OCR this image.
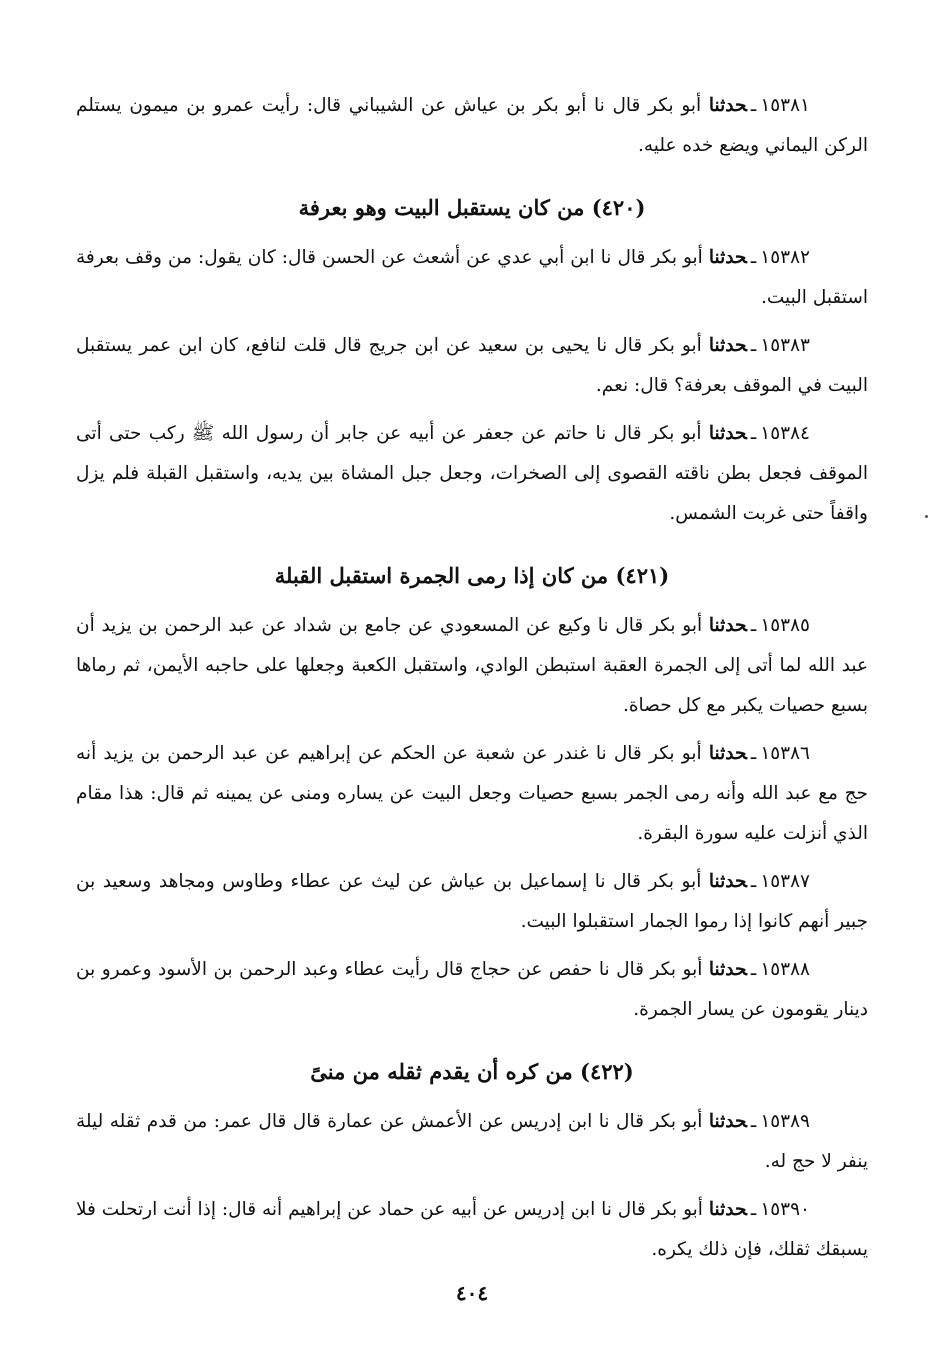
١٥٣٨١ـحدثنا أبو بكر قال نا أبو بكر بن عياش عن الشيباني قال: رأيت عمرو بن ميمون يستلم الركن اليماني ويضع خده عليه.

(٤٢٠) من كان يستقبل البيت وهو بعرفة

١٥٣٨٢ـحدثنا أبو بكر قال نا ابن أبي عدي عن أشعث عن الحسن قال: كان يقول: من وقف بعرفة استقبل البيت.

١٥٣٨٣ـحدثنا أبو بكر قال نا يحيى بن سعيد عن ابن جريج قال قلت لنافع، كان ابن عمر يستقبل البيت في الموقف بعرفة؟ قال: نعم.

١٥٣٨٤ـحدثنا أبو بكر قال نا حاتم عن جعفر عن أبيه عن جابر أن رسول الله ﷺ ركب حتى أتى الموقف فجعل بطن ناقته القصوى إلى الصخرات، وجعل جبل المشاة بين يديه، واستقبل القبلة فلم يزل واقفاً حتى غربت الشمس.

(٤٢١) من كان إذا رمى الجمرة استقبل القبلة

١٥٣٨٥ـحدثنا أبو بكر قال نا وكيع عن المسعودي عن جامع بن شداد عن عبد الرحمن بن يزيد أن عبد الله لما أتى إلى الجمرة العقبة استبطن الوادي، واستقبل الكعبة وجعلها على حاجبه الأيمن، ثم رماها بسبع حصيات يكبر مع كل حصاة.

١٥٣٨٦ـحدثنا أبو بكر قال نا غندر عن شعبة عن الحكم عن إبراهيم عن عبد الرحمن بن يزيد أنه حج مع عبد الله وأنه رمى الجمر بسبع حصيات وجعل البيت عن يساره ومنى عن يمينه ثم قال: هذا مقام الذي أنزلت عليه سورة البقرة.

١٥٣٨٧ـحدثنا أبو بكر قال نا إسماعيل بن عياش عن ليث عن عطاء وطاوس ومجاهد وسعيد بن جبير أنهم كانوا إذا رموا الجمار استقبلوا البيت.

١٥٣٨٨ـحدثنا أبو بكر قال نا حفص عن حجاج قال رأيت عطاء وعبد الرحمن بن الأسود وعمرو بن دينار يقومون عن يسار الجمرة.

(٤٢٢) من كره أن يقدم ثقله من منىً

١٥٣٨٩ـحدثنا أبو بكر قال نا ابن إدريس عن الأعمش عن عمارة قال قال عمر: من قدم ثقله ليلة ينفر لا حج له.

١٥٣٩٠ـحدثنا أبو بكر قال نا ابن إدريس عن أبيه عن حماد عن إبراهيم أنه قال: إذا أنت ارتحلت فلا يسبقك ثقلك، فإن ذلك يكره.

٤٠٤
